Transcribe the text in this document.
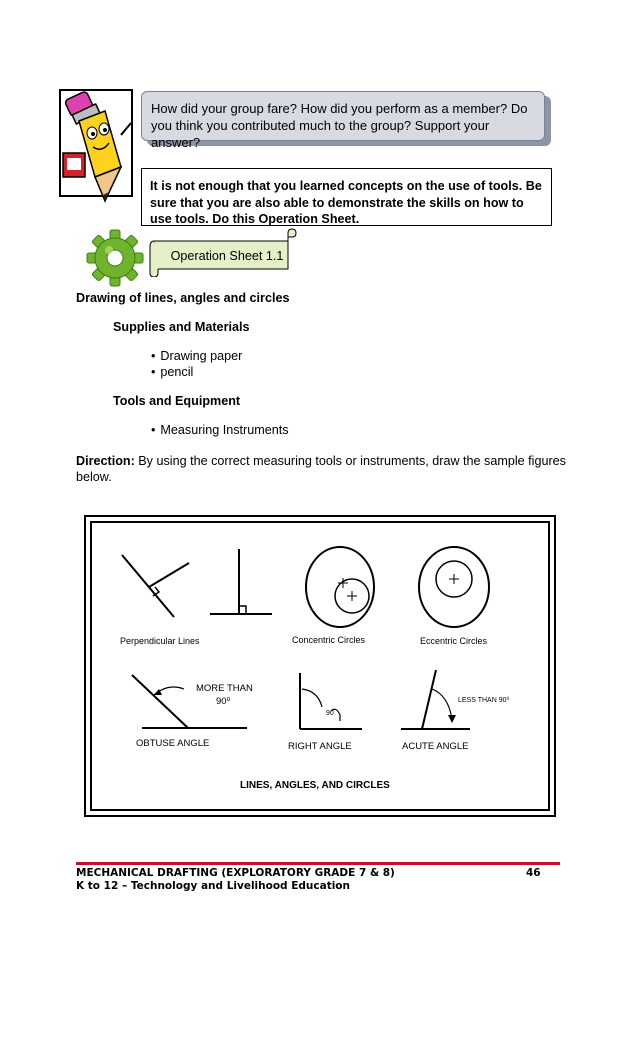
How did your group fare? How did you perform as a member? Do you think you contributed much to the group? Support your answer?
It is not enough that you learned concepts on the use of tools. Be sure that you are also able to demonstrate the skills on how to use tools. Do this Operation Sheet.
Operation Sheet 1.1
Drawing of lines, angles and circles
Supplies and Materials
• Drawing paper
• pencil
Tools and Equipment
• Measuring Instruments
Direction: By using the correct measuring tools or instruments, draw the sample figures below.
Perpendicular Lines	Concentric Circles	Eccentric Circles
MORE THAN
90⁰	LESS THAN 90⁰
OBTUSE ANGLE	RIGHT ANGLE	ACUTE ANGLE
90
LINES, ANGLES, AND CIRCLES
MECHANICAL DRAFTING (EXPLORATORY GRADE 7 & 8)	46
K to 12 – Technology and Livelihood Education
